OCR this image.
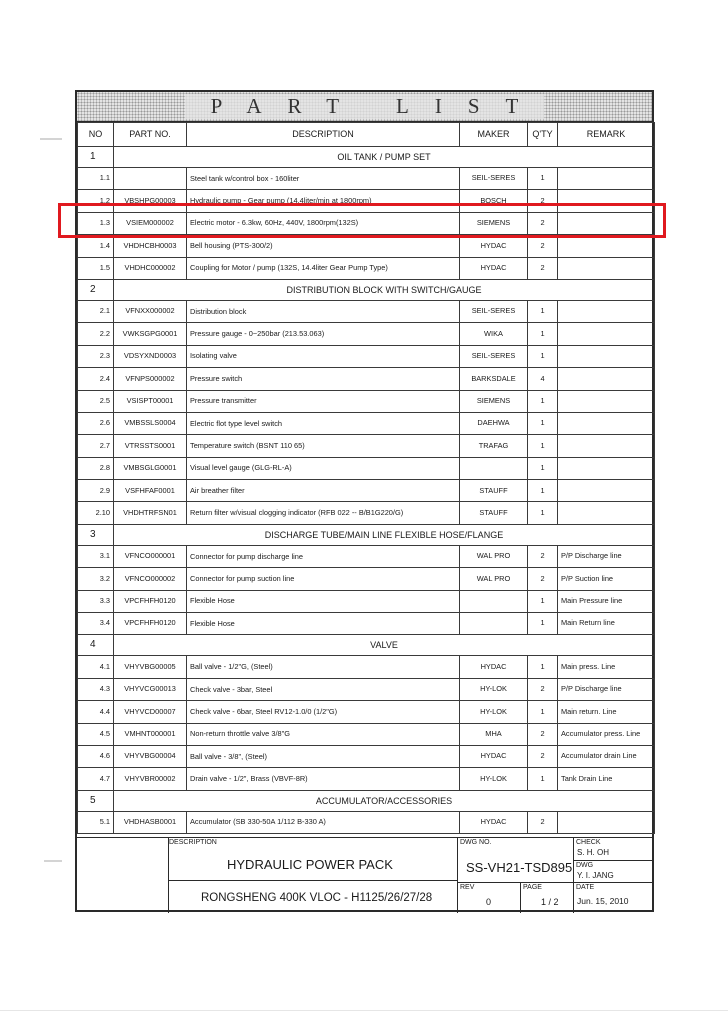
PART LIST
NO	PART NO.	DESCRIPTION	MAKER	Q'TY	REMARK
1	OIL TANK / PUMP SET				
1.1		Steel tank w/control box - 160liter	SEIL-SERES	1	
1.2	VBSHPG00003	Hydraulic pump - Gear pump (14.4liter/min at 1800rpm)	BOSCH	2	
1.3	VSIEM000002	Electric motor - 6.3kw, 60Hz, 440V, 1800rpm(132S)	SIEMENS	2	
1.4	VHDHCBH0003	Bell housing (PTS-300/2)	HYDAC	2	
1.5	VHDHC000002	Coupling for Motor / pump (132S, 14.4liter Gear Pump Type)	HYDAC	2	
2	DISTRIBUTION BLOCK WITH SWITCH/GAUGE				
2.1	VFNXX000002	Distribution block	SEIL-SERES	1	
2.2	VWKSGPG0001	Pressure gauge - 0~250bar (213.53.063)	WIKA	1	
2.3	VDSYXND0003	Isolating valve	SEIL-SERES	1	
2.4	VFNPS000002	Pressure switch	BARKSDALE	4	
2.5	VSISPT00001	Pressure transmitter	SIEMENS	1	
2.6	VMBSSLS0004	Electric flot type level switch	DAEHWA	1	
2.7	VTRSSTS0001	Temperature switch (BSNT 110 65)	TRAFAG	1	
2.8	VMBSGLG0001	Visual level gauge (GLG-RL-A)		1	
2.9	VSFHFAF0001	Air breather filter	STAUFF	1	
2.10	VHDHTRFSN01	Return filter w/visual clogging indicator (RFB 022 -- B/B1G220/G)	STAUFF	1	
3	DISCHARGE TUBE/MAIN LINE FLEXIBLE HOSE/FLANGE				
3.1	VFNCO000001	Connector for pump discharge line	WAL PRO	2	P/P Discharge line
3.2	VFNCO000002	Connector for pump suction line	WAL PRO	2	P/P Suction line
3.3	VPCFHFH0120	Flexible Hose		1	Main Pressure line
3.4	VPCFHFH0120	Flexible Hose		1	Main Return line
4	VALVE				
4.1	VHYVBG00005	Ball valve - 1/2"G, (Steel)	HYDAC	1	Main press. Line
4.3	VHYVCG00013	Check valve - 3bar, Steel	HY-LOK	2	P/P Discharge line
4.4	VHYVCD00007	Check valve - 6bar, Steel RV12-1.0/0 (1/2"G)	HY-LOK	1	Main return. Line
4.5	VMHNT000001	Non-return throttle valve 3/8"G	MHA	2	Accumulator press. Line
4.6	VHYVBG00004	Ball valve - 3/8", (Steel)	HYDAC	2	Accumulator drain Line
4.7	VHYVBR00002	Drain valve - 1/2", Brass (VBVF-8R)	HY-LOK	1	Tank Drain Line
5	ACCUMULATOR/ACCESSORIES				
5.1	VHDHASB0001	Accumulator (SB 330-50A 1/112 B-330 A)	HYDAC	2	
DESCRIPTION
HYDRAULIC POWER PACK
RONGSHENG 400K VLOC - H1125/26/27/28
DWG NO.
SS-VH21-TSD895
REV
0
PAGE
1 / 2
CHECK
S. H. OH
DWG
Y. I. JANG
DATE
Jun. 15, 2010
